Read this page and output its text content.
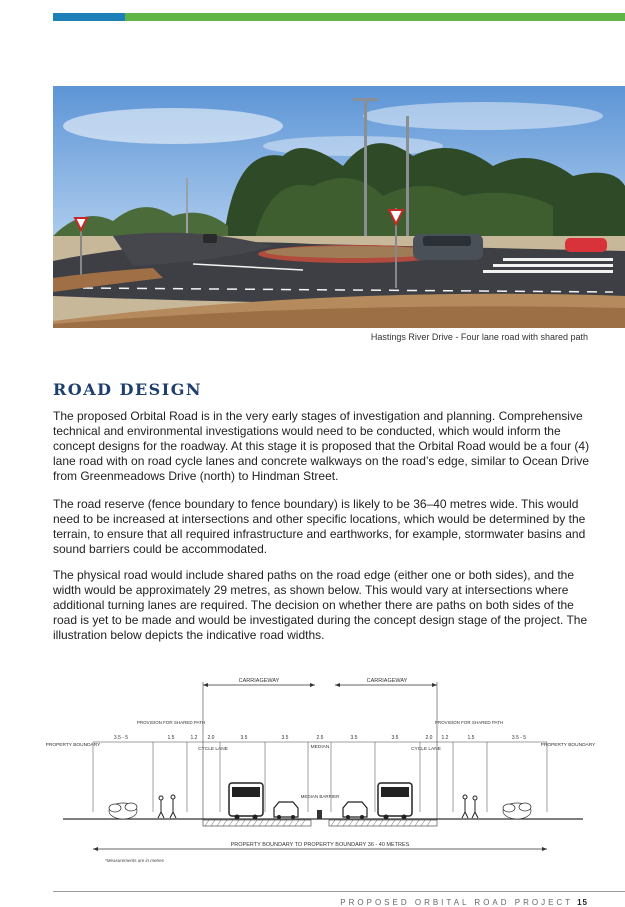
Hastings River Drive - Four lane road with shared path
ROAD DESIGN

The proposed Orbital Road is in the very early stages of investigation and planning. Comprehensive technical and environmental investigations would need to be conducted, which would inform the concept designs for the roadway. At this stage it is proposed that the Orbital Road would be a four (4) lane road with on road cycle lanes and concrete walkways on the road’s edge, similar to Ocean Drive from Greenmeadows Drive (north) to Hindman Street.

The road reserve (fence boundary to fence boundary) is likely to be 36–40 metres wide. This would need to be increased at intersections and other specific locations, which would be determined by the terrain, to ensure that all required infrastructure and earthworks, for example, stormwater basins and sound barriers could be accommodated.

The physical road would include shared paths on the road edge (either one or both sides), and the width would be approximately 29 metres, as shown below. This would vary at intersections where additional turning lanes are required. The decision on whether there are paths on both sides of the road is yet to be made and would be investigated during the concept design stage of the project. The illustration below depicts the indicative road widths.

CARRIAGEWAY	CARRIAGEWAY
PROVISION FOR SHARED PATH	PROVISION FOR SHARED PATH
3.5 - 5	1.5	1.2 2.0	3.5	3.5	2.5	3.5	3.5	2.0 1.2	1.5	3.5 - 5
PROPERTY BOUNDARY	PROPERTY BOUNDARY
CYCLE LANE	CYCLE LANE
MEDIAN
MEDIAN BARRIER
PROPERTY BOUNDARY TO PROPERTY BOUNDARY 36 - 40 METRES
*Measurements are in metres
PROPOSED ORBITAL ROAD PROJECT 15
